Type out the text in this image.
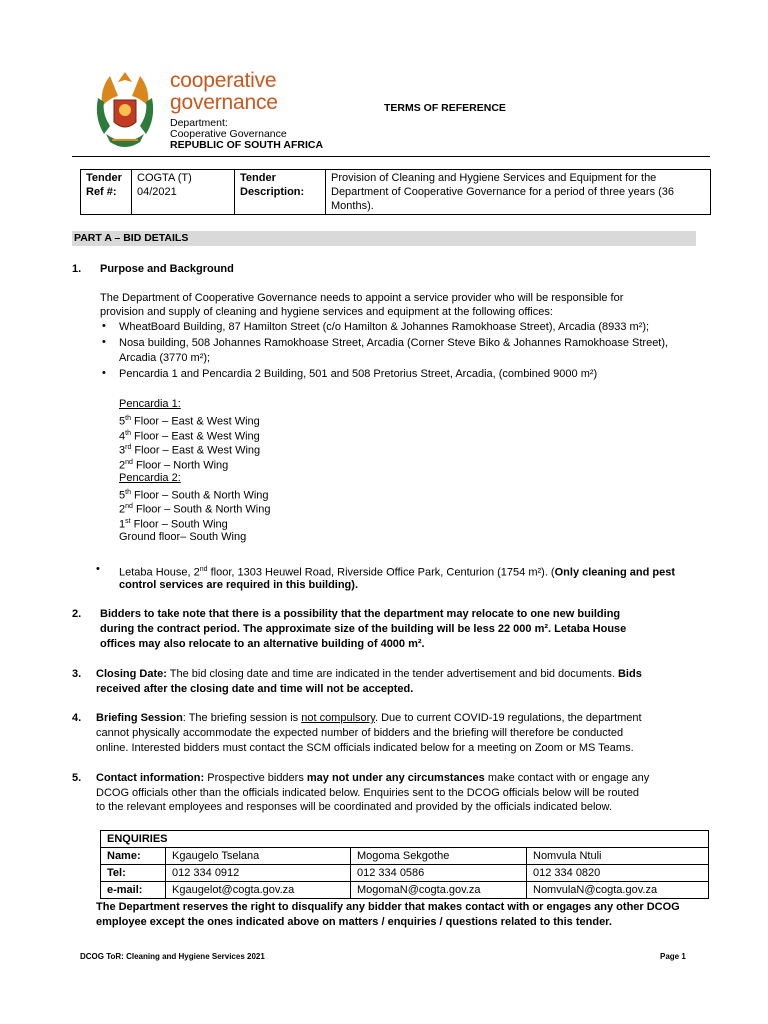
cooperative
governance
Department:
Cooperative Governance
REPUBLIC OF SOUTH AFRICA
TERMS OF REFERENCE
Tender Ref #:	COGTA (T) 04/2021	Tender Description:	Provision of Cleaning and Hygiene Services and Equipment for the Department of Cooperative Governance for a period of three years (36 Months).
PART A – BID DETAILS
1. Purpose and Background
The Department of Cooperative Governance needs to appoint a service provider who will be responsible for
provision and supply of cleaning and hygiene services and equipment at the following offices:
• WheatBoard Building, 87 Hamilton Street (c/o Hamilton & Johannes Ramokhoase Street), Arcadia (8933 m²);
• Nosa building, 508 Johannes Ramokhoase Street, Arcadia (Corner Steve Biko & Johannes Ramokhoase Street),
Arcadia (3770 m²);
• Pencardia 1 and Pencardia 2 Building, 501 and 508 Pretorius Street, Arcadia, (combined 9000 m²)
Pencardia 1:
5th Floor – East & West Wing
4th Floor – East & West Wing
3rd Floor – East & West Wing
2nd Floor – North Wing
Pencardia 2:
5th Floor – South & North Wing
2nd Floor – South & North Wing
1st Floor – South Wing
Ground floor– South Wing
• Letaba House, 2nd floor, 1303 Heuwel Road, Riverside Office Park, Centurion (1754 m²). (Only cleaning and pest
control services are required in this building).
2. Bidders to take note that there is a possibility that the department may relocate to one new building
during the contract period. The approximate size of the building will be less 22 000 m². Letaba House
offices may also relocate to an alternative building of 4000 m².
3. Closing Date: The bid closing date and time are indicated in the tender advertisement and bid documents. Bids
received after the closing date and time will not be accepted.
4. Briefing Session: The briefing session is not compulsory. Due to current COVID-19 regulations, the department
cannot physically accommodate the expected number of bidders and the briefing will therefore be conducted
online. Interested bidders must contact the SCM officials indicated below for a meeting on Zoom or MS Teams.
5. Contact information: Prospective bidders may not under any circumstances make contact with or engage any
DCOG officials other than the officials indicated below. Enquiries sent to the DCOG officials below will be routed
to the relevant employees and responses will be coordinated and provided by the officials indicated below.
ENQUIRIES			
Name:	Kgaugelo Tselana	Mogoma Sekgothe	Nomvula Ntuli
Tel:	012 334 0912	012 334 0586	012 334 0820
e-mail:	Kgaugelot@cogta.gov.za	MogomaN@cogta.gov.za	NomvulaN@cogta.gov.za
The Department reserves the right to disqualify any bidder that makes contact with or engages any other DCOG
employee except the ones indicated above on matters / enquiries / questions related to this tender.
DCOG ToR: Cleaning and Hygiene Services 2021	Page 1
